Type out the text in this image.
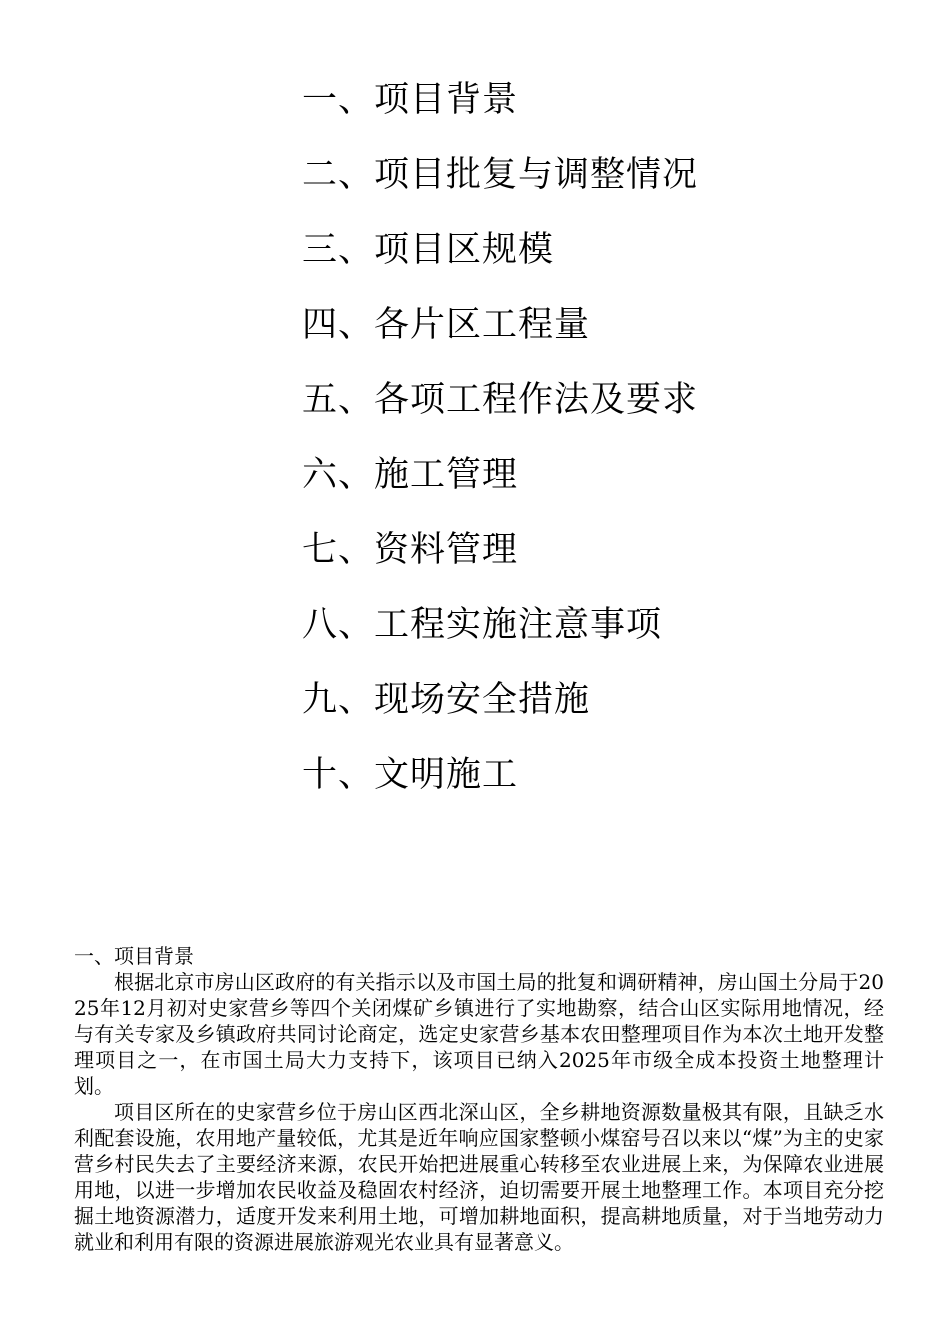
一、项目背景
二、项目批复与调整情况
三、项目区规模
四、各片区工程量
五、各项工程作法及要求
六、施工管理
七、资料管理
八、工程实施注意事项
九、现场安全措施
十、文明施工
一、项目背景

根据北京市房山区政府的有关指示以及市国土局的批复和调研精神，房山国土分局于2025年12月初对史家营乡等四个关闭煤矿乡镇进行了实地勘察，结合山区实际用地情况，经与有关专家及乡镇政府共同讨论商定，选定史家营乡基本农田整理项目作为本次土地开发整理项目之一，在市国土局大力支持下，该项目已纳入2025年市级全成本投资土地整理计划。

项目区所在的史家营乡位于房山区西北深山区，全乡耕地资源数量极其有限，且缺乏水利配套设施，农用地产量较低，尤其是近年响应国家整顿小煤窑号召以来以“煤”为主的史家营乡村民失去了主要经济来源，农民开始把进展重心转移至农业进展上来，为保障农业进展用地，以进一步增加农民收益及稳固农村经济，迫切需要开展土地整理工作。本项目充分挖掘土地资源潜力，适度开发来利用土地，可增加耕地面积，提高耕地质量，对于当地劳动力就业和利用有限的资源进展旅游观光农业具有显著意义。
